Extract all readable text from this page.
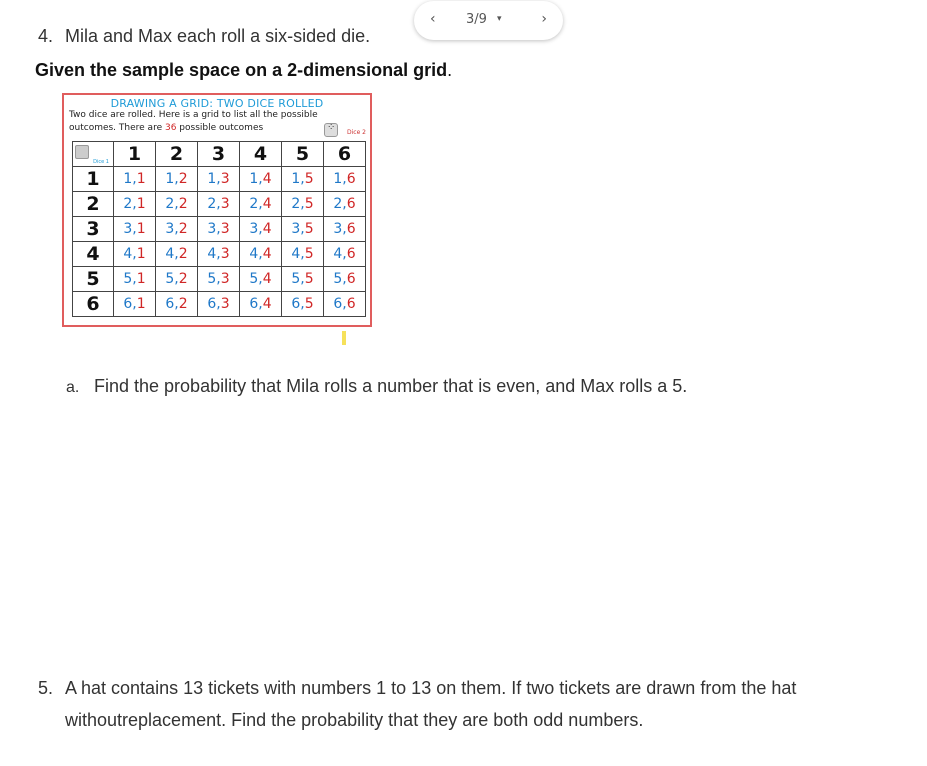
4. Mila and Max each roll a six-sided die.
Given the sample space on a 2-dimensional grid.
‹ 3/9 ▾	›
DRAWING A GRID: TWO DICE ROLLED
Two dice are rolled. Here is a grid to list all the possible
outcomes. There are 36 possible outcomes ⁘	Dice 2
Dice 1	1	2	3	4	5	6
1	1,1	1,2	1,3	1,4	1,5	1,6
2	2,1	2,2	2,3	2,4	2,5	2,6
3	3,1	3,2	3,3	3,4	3,5	3,6
4	4,1	4,2	4,3	4,4	4,5	4,6
5	5,1	5,2	5,3	5,4	5,5	5,6
6	6,1	6,2	6,3	6,4	6,5	6,6
a. Find the probability that Mila rolls a number that is even, and Max rolls a 5.
5. A hat contains 13 tickets with numbers 1 to 13 on them. If two tickets are drawn from the hat
withoutreplacement. Find the probability that they are both odd numbers.
